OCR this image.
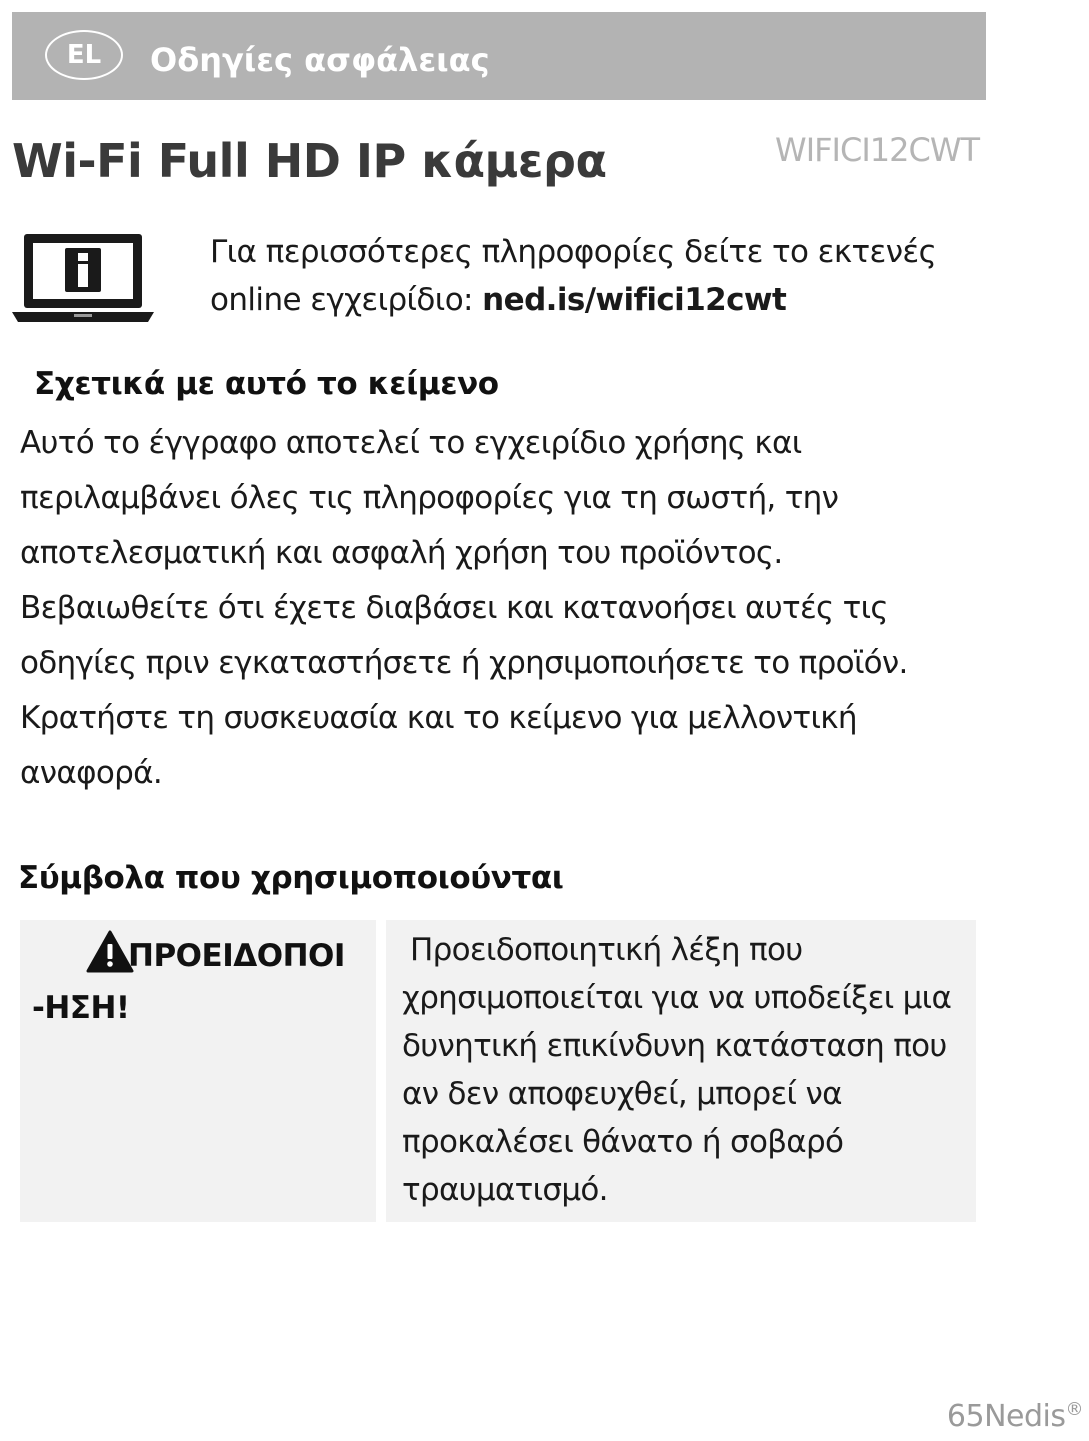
EL	Οδηγίες ασφάλειας
Wi-Fi Full HD IP κάμερα	WIFICI12CWT
Για περισσότερες πληροφορίες δείτε το εκτενές online εγχειρίδιο: ned.is/wifici12cwt
Σχετικά με αυτό το κείμενο

Αυτό το έγγραφο αποτελεί το εγχειρίδιο χρήσης και περιλαμβάνει όλες τις πληροφορίες για τη σωστή, την αποτελεσματική και ασφαλή χρήση του προϊόντος.

Βεβαιωθείτε ότι έχετε διαβάσει και κατανοήσει αυτές τις οδηγίες πριν εγκαταστήσετε ή χρησιμοποιήσετε το προϊόν. Κρατήστε τη συσκευασία και το κείμενο για μελλοντική αναφορά.

Σύμβολα που χρησιμοποιούνται
ΠΡΟΕΙΔΟΠΟΙ-ΗΣΗ!
Προειδοποιητική λέξη που χρησιμοποιείται για να υποδείξει μια δυνητική επικίνδυνη κατάσταση που αν δεν αποφευχθεί, μπορεί να προκαλέσει θάνατο ή σοβαρό τραυματισμό.
65Nedis®
